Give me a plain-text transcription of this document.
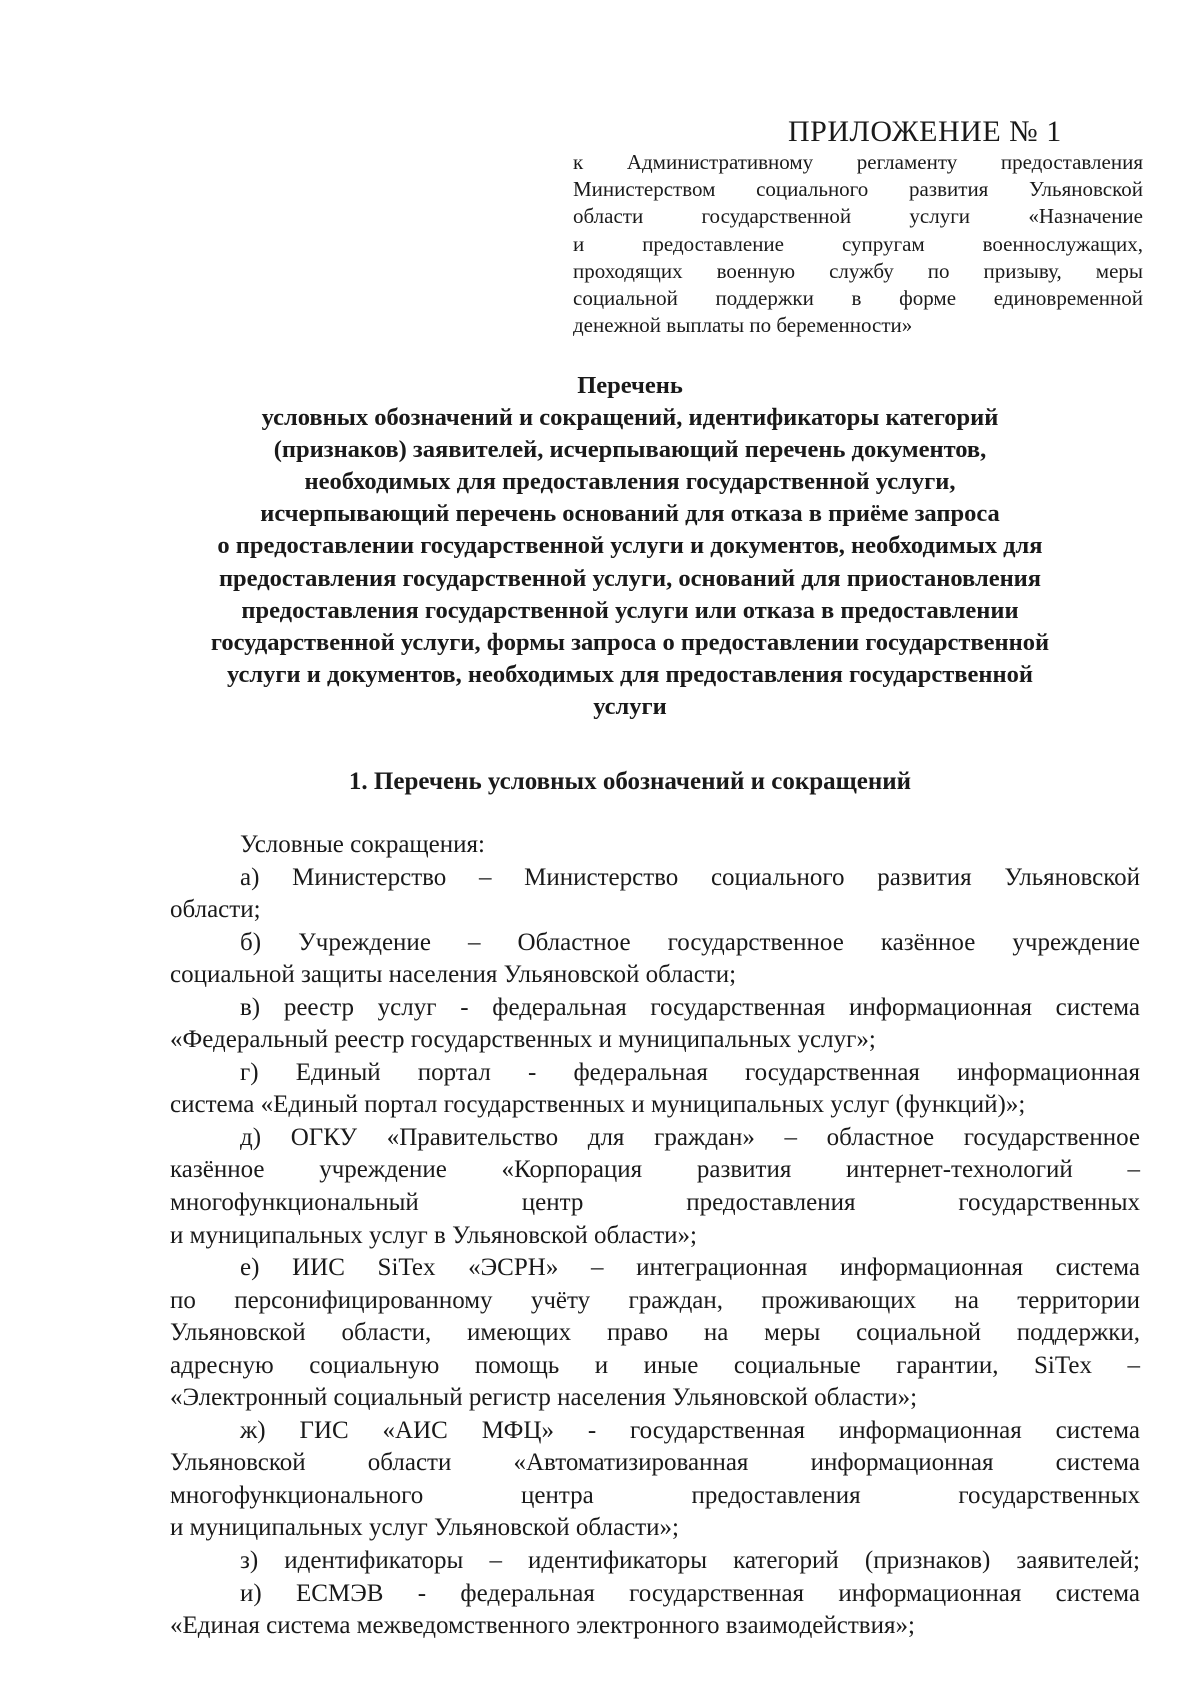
ПРИЛОЖЕНИЕ № 1
к Административному регламенту предоставления
Министерством социального развития Ульяновской
области государственной услуги «Назначение
и предоставление супругам военнослужащих,
проходящих военную службу по призыву, меры
социальной поддержки в форме единовременной
денежной выплаты по беременности»
Перечень
условных обозначений и сокращений, идентификаторы категорий
(признаков) заявителей, исчерпывающий перечень документов,
необходимых для предоставления государственной услуги,
исчерпывающий перечень оснований для отказа в приёме запроса
о предоставлении государственной услуги и документов, необходимых для
предоставления государственной услуги, оснований для приостановления
предоставления государственной услуги или отказа в предоставлении
государственной услуги, формы запроса о предоставлении государственной
услуги и документов, необходимых для предоставления государственной
услуги
1. Перечень условных обозначений и сокращений
Условные сокращения:
а) Министерство – Министерство социального развития Ульяновской
области;
б) Учреждение – Областное государственное казённое учреждение
социальной защиты населения Ульяновской области;
в) реестр услуг - федеральная государственная информационная система
«Федеральный реестр государственных и муниципальных услуг»;
г) Единый портал - федеральная государственная информационная
система «Единый портал государственных и муниципальных услуг (функций)»;
д) ОГКУ «Правительство для граждан» – областное государственное
казённое учреждение «Корпорация развития интернет-технологий –
многофункциональный центр предоставления государственных
и муниципальных услуг в Ульяновской области»;
е) ИИС SiTex «ЭСРН» – интеграционная информационная система
по персонифицированному учёту граждан, проживающих на территории
Ульяновской области, имеющих право на меры социальной поддержки,
адресную социальную помощь и иные социальные гарантии, SiTex –
«Электронный социальный регистр населения Ульяновской области»;
ж) ГИС «АИС МФЦ» - государственная информационная система
Ульяновской области «Автоматизированная информационная система
многофункционального центра предоставления государственных
и муниципальных услуг Ульяновской области»;
з) идентификаторы – идентификаторы категорий (признаков) заявителей;
и) ЕСМЭВ - федеральная государственная информационная система
«Единая система межведомственного электронного взаимодействия»;
